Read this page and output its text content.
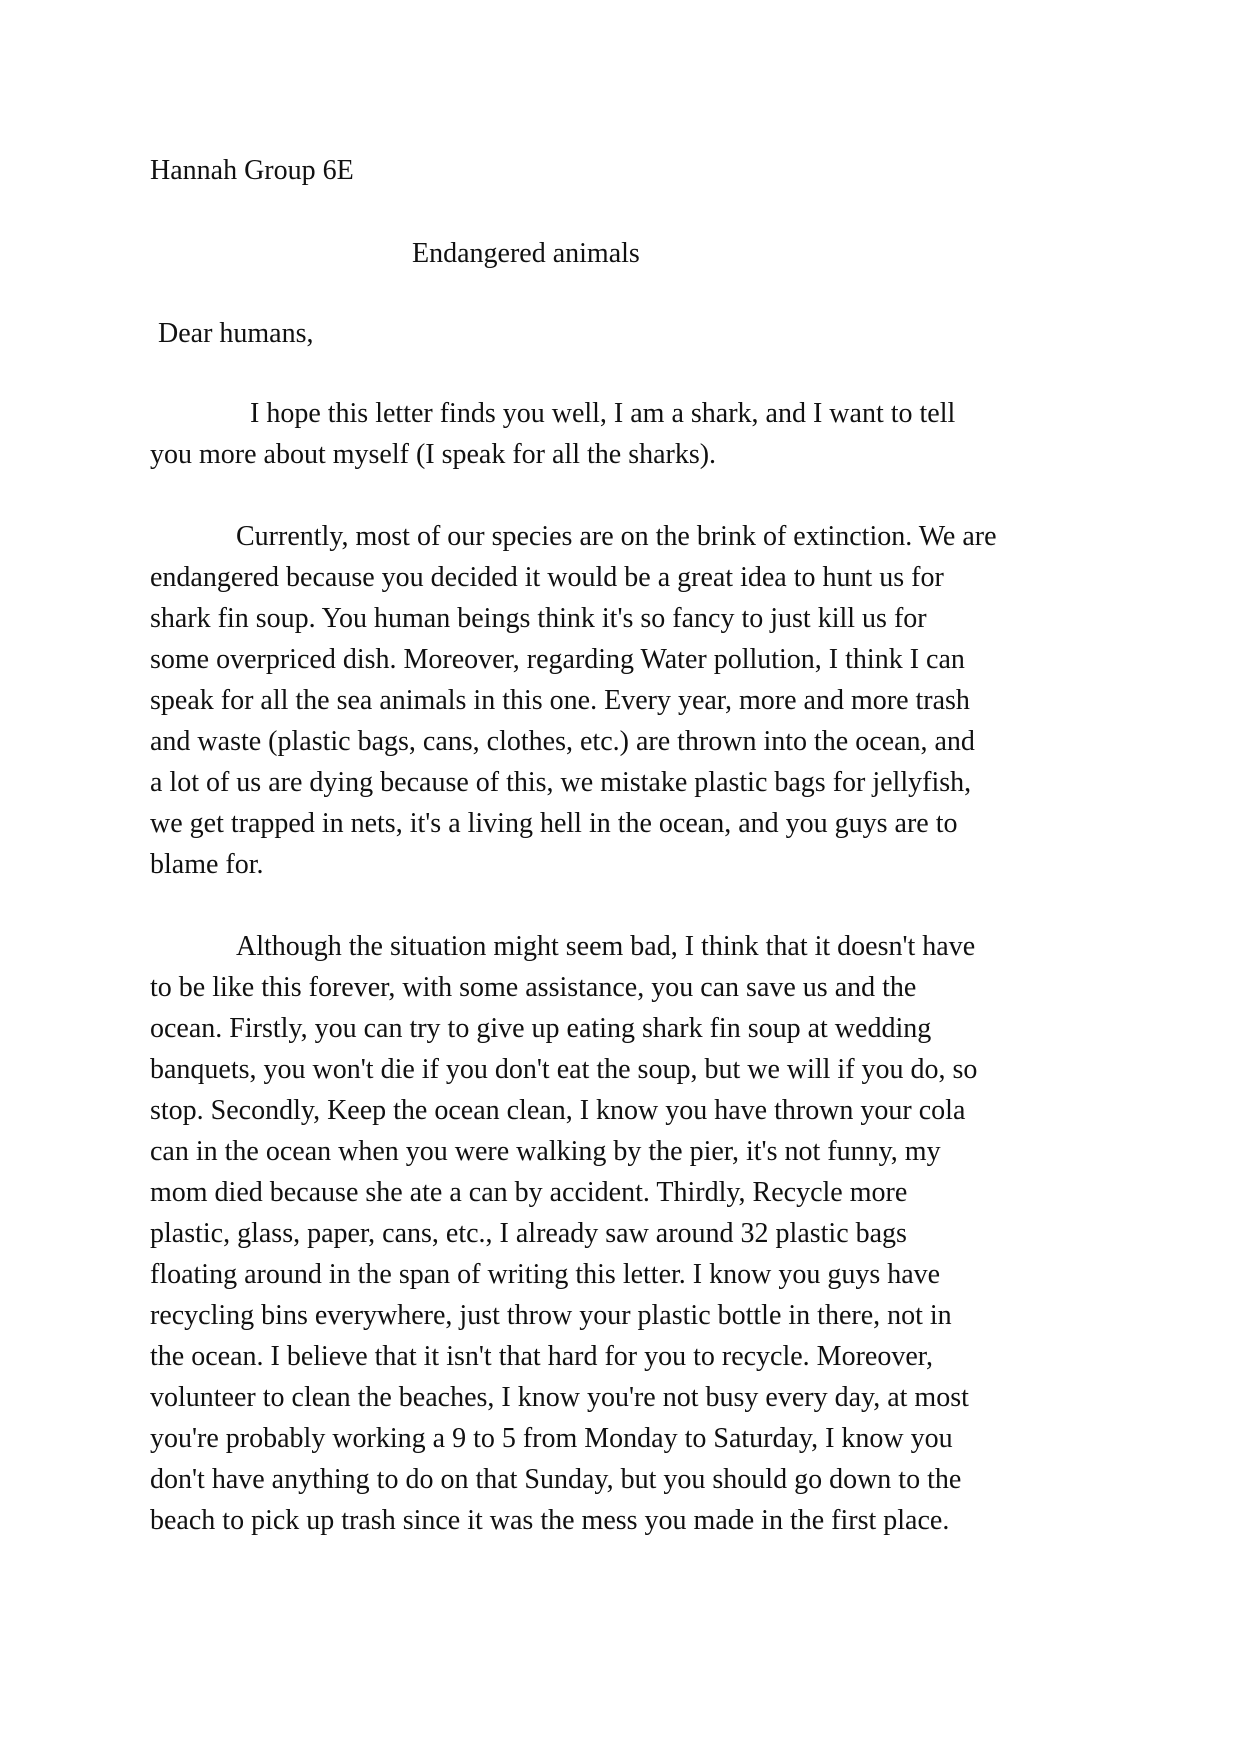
Hannah Group 6E

Endangered animals

Dear humans,

I hope this letter finds you well, I am a shark, and I want to tell
you more about myself (I speak for all the sharks).

Currently, most of our species are on the brink of extinction. We are
endangered because you decided it would be a great idea to hunt us for
shark fin soup. You human beings think it's so fancy to just kill us for
some overpriced dish. Moreover, regarding Water pollution, I think I can
speak for all the sea animals in this one. Every year, more and more trash
and waste (plastic bags, cans, clothes, etc.) are thrown into the ocean, and
a lot of us are dying because of this, we mistake plastic bags for jellyfish,
we get trapped in nets, it's a living hell in the ocean, and you guys are to
blame for.

Although the situation might seem bad, I think that it doesn't have
to be like this forever, with some assistance, you can save us and the
ocean. Firstly, you can try to give up eating shark fin soup at wedding
banquets, you won't die if you don't eat the soup, but we will if you do, so
stop. Secondly, Keep the ocean clean, I know you have thrown your cola
can in the ocean when you were walking by the pier, it's not funny, my
mom died because she ate a can by accident. Thirdly, Recycle more
plastic, glass, paper, cans, etc., I already saw around 32 plastic bags
floating around in the span of writing this letter. I know you guys have
recycling bins everywhere, just throw your plastic bottle in there, not in
the ocean. I believe that it isn't that hard for you to recycle. Moreover,
volunteer to clean the beaches, I know you're not busy every day, at most
you're probably working a 9 to 5 from Monday to Saturday, I know you
don't have anything to do on that Sunday, but you should go down to the
beach to pick up trash since it was the mess you made in the first place.
